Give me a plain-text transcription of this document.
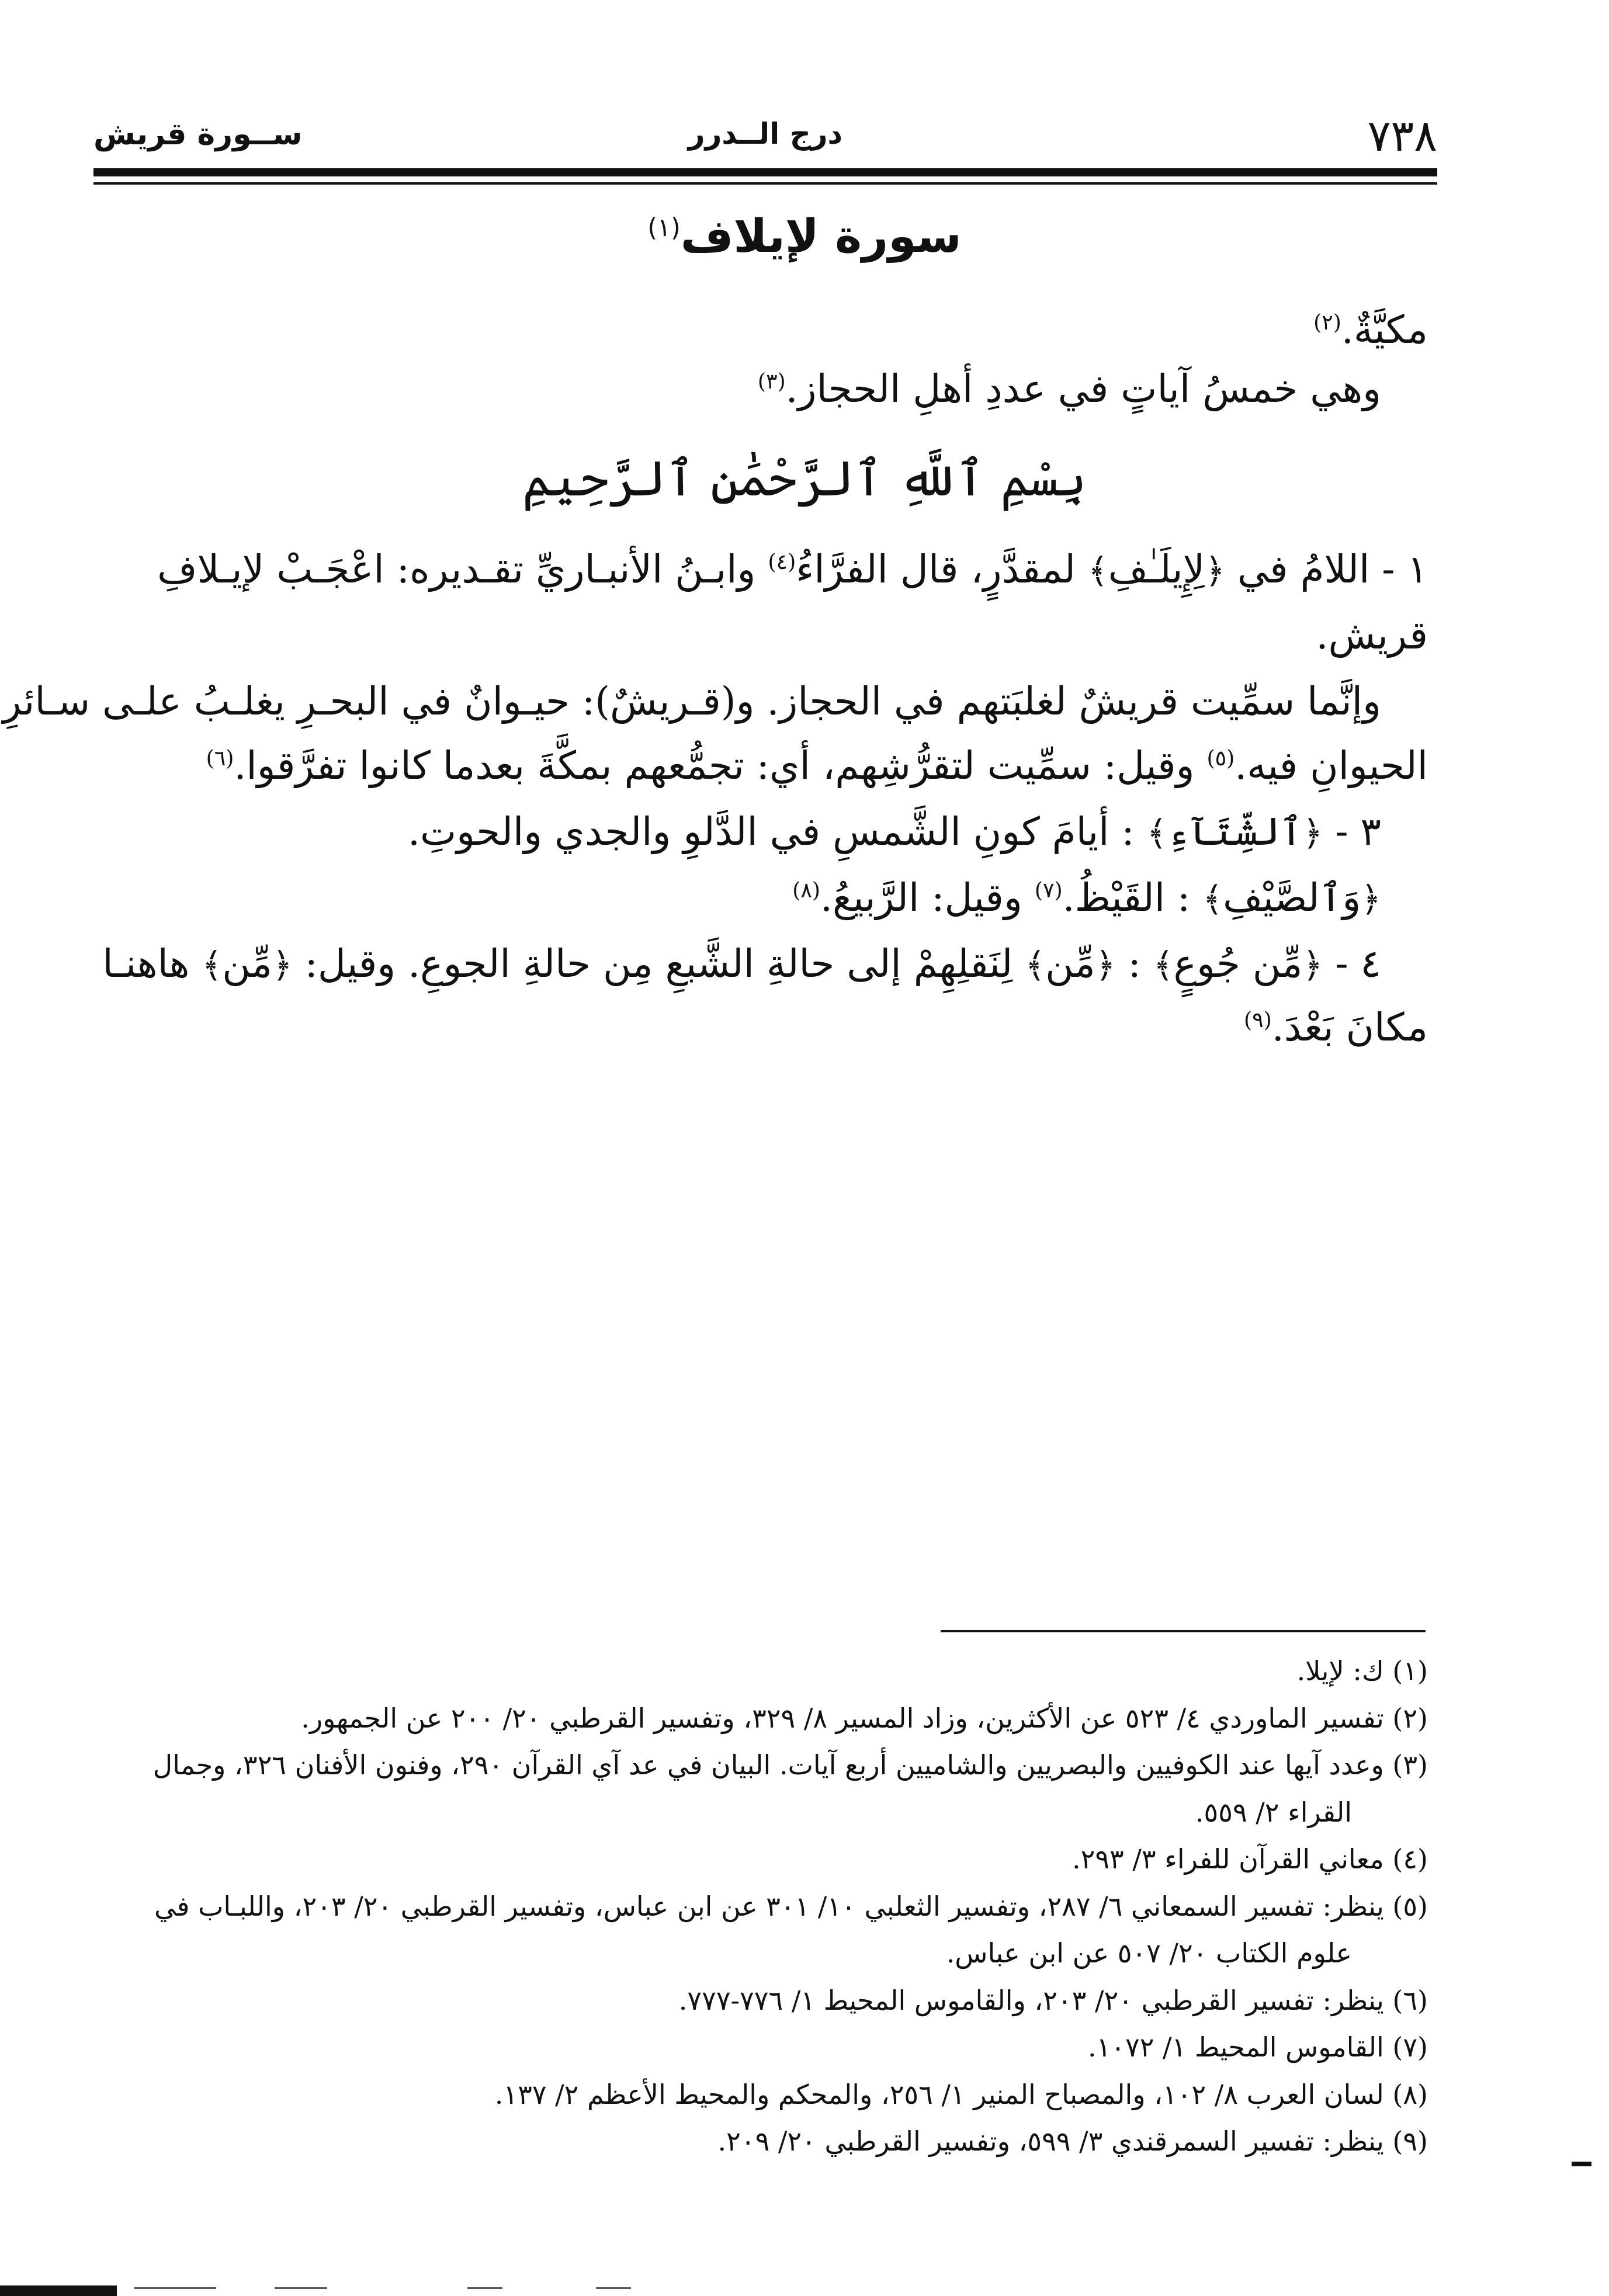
٧٣٨
درج الــدرر
ســورة قريش
سورة لإيلاف$^{(١)}$
مكيَّةٌ.$^{(٢)}$
وهي خمسُ آياتٍ في عددِ أهلِ الحجاز.$^{(٣)}$
بِسْمِ ٱللَّهِ ٱلرَّحْمَٰنِ ٱلرَّحِيمِ
١ - اللامُ في ﴿لِإِيلَـٰفِ﴾ لمقدَّرٍ، قال الفرَّاءُ$^{(٤)}$ وابـنُ الأنبـاريِّ تقـديره: اعْجَـبْ لإيـلافِ
قريش.
وإنَّما سمِّيت قريشٌ لغلبَتهم في الحجاز. و(قـريشٌ): حيـوانٌ في البحـرِ يغلـبُ علـى سـائرِ
الحيوانِ فيه.$^{(٥)}$ وقيل: سمِّيت لتقرُّشِهم، أي: تجمُّعهم بمكَّةَ بعدما كانوا تفرَّقوا.$^{(٦)}$
٣ - ﴿ٱلشِّتَآءِ﴾ : أيامَ كونِ الشَّمسِ في الدَّلوِ والجدي والحوتِ.
﴿وَٱلصَّيْفِ﴾ : القَيْظُ.$^{(٧)}$ وقيل: الرَّبيعُ.$^{(٨)}$
٤ - ﴿مِّن جُوعٍ﴾ : ﴿مِّن﴾ لِنَقلِهِمْ إلى حالةِ الشَّبعِ مِن حالةِ الجوعِ. وقيل: ﴿مِّن﴾ هاهنـا
مكانَ بَعْدَ.$^{(٩)}$
(١) ك: لإيلا.
(٢) تفسير الماوردي ٤/ ٥٢٣ عن الأكثرين، وزاد المسير ٨/ ٣٢٩، وتفسير القرطبي ٢٠/ ٢٠٠ عن الجمهور.
(٣) وعدد آيها عند الكوفيين والبصريين والشاميين أربع آيات. البيان في عد آي القرآن ٢٩٠، وفنون الأفنان ٣٢٦، وجمال
القراء ٢/ ٥٥٩.
(٤) معاني القرآن للفراء ٣/ ٢٩٣.
(٥) ينظر: تفسير السمعاني ٦/ ٢٨٧، وتفسير الثعلبي ١٠/ ٣٠١ عن ابن عباس، وتفسير القرطبي ٢٠/ ٢٠٣، واللبـاب في
علوم الكتاب ٢٠/ ٥٠٧ عن ابن عباس.
(٦) ينظر: تفسير القرطبي ٢٠/ ٢٠٣، والقاموس المحيط ١/ ٧٧٦-٧٧٧.
(٧) القاموس المحيط ١/ ١٠٧٢.
(٨) لسان العرب ٨/ ١٠٢، والمصباح المنير ١/ ٢٥٦، والمحكم والمحيط الأعظم ٢/ ١٣٧.
(٩) ينظر: تفسير السمرقندي ٣/ ٥٩٩، وتفسير القرطبي ٢٠/ ٢٠٩.
